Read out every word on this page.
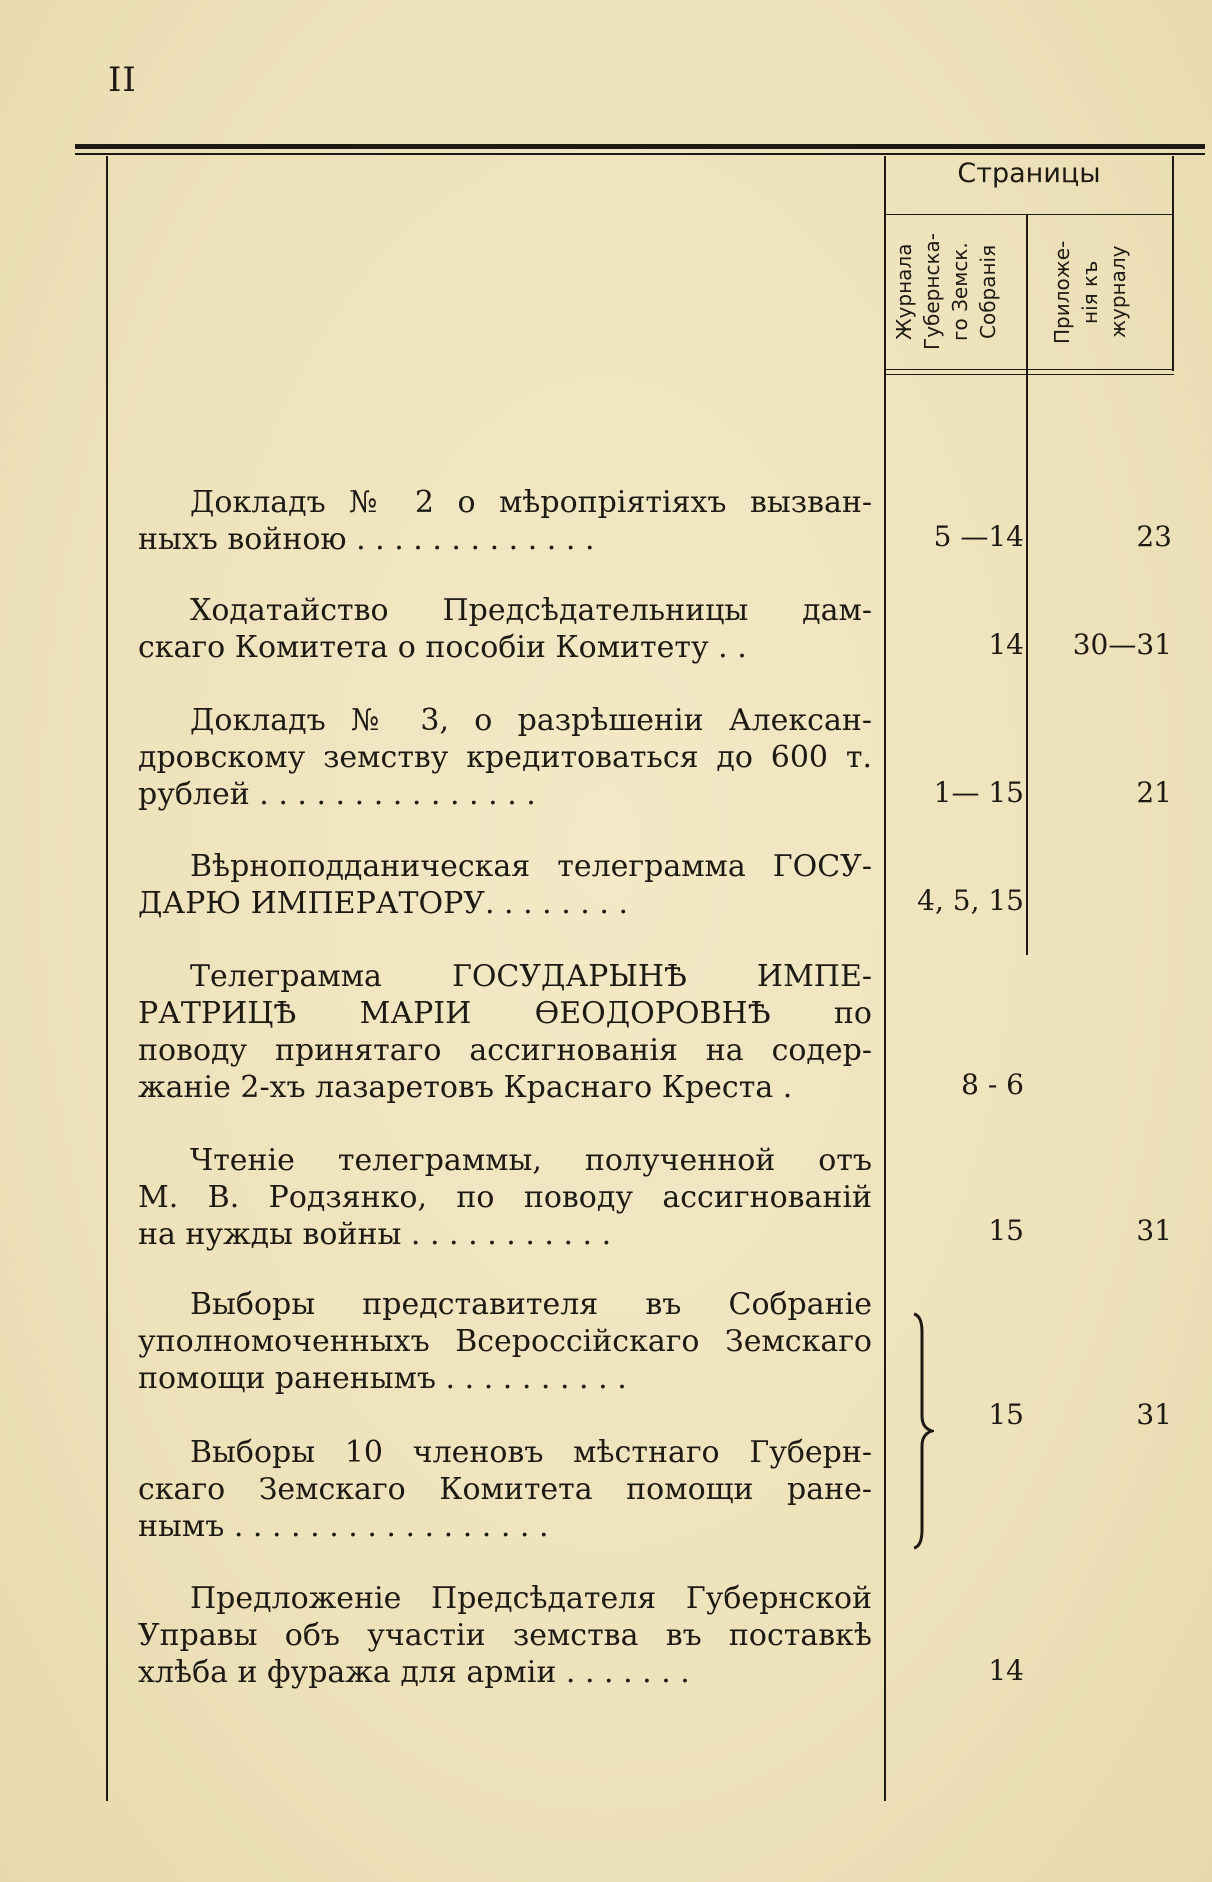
II
Страницы
Журнала
Губернска-
го Земск.
Собранія	Приложе-
нія къ
журналу
Докладъ № 2 о мѣропріятіяхъ вызван-
ныхъ войною . . . . . . . . . . . . .	5 —14	23
Ходатайство Предсѣдательницы дам-
скаго Комитета о пособіи Комитету . .	14	30—31
Докладъ № 3, о разрѣшеніи Алексан-
дровскому земству кредитоваться до 600 т.
рублей . . . . . . . . . . . . . . .	1— 15	21
Вѣрноподданическая телеграмма ГОСУ-
ДАРЮ ИМПЕРАТОРУ. . . . . . . .	4, 5, 15
Телеграмма ГОСУДАРЫНѢ ИМПЕ-
РАТРИЦѢ МАРІИ ѲЕОДОРОВНѢ по
поводу принятаго ассигнованія на содер-
жаніе 2-хъ лазаретовъ Краснаго Креста .	8 - 6
Чтеніе телеграммы, полученной отъ
М. В. Родзянко, по поводу ассигнованій
на нужды войны . . . . . . . . . . .	15	31
Выборы представителя въ Собраніе
уполномоченныхъ Всероссійскаго Земскаго
помощи раненымъ . . . . . . . . . .
Выборы 10 членовъ мѣстнаго Губерн-
скаго Земскаго Комитета помощи ране-
нымъ . . . . . . . . . . . . . . . . .
15	31
Предложеніе Предсѣдателя Губернской
Управы объ участіи земства въ поставкѣ
хлѣба и фуража для арміи . . . . . . .	14
